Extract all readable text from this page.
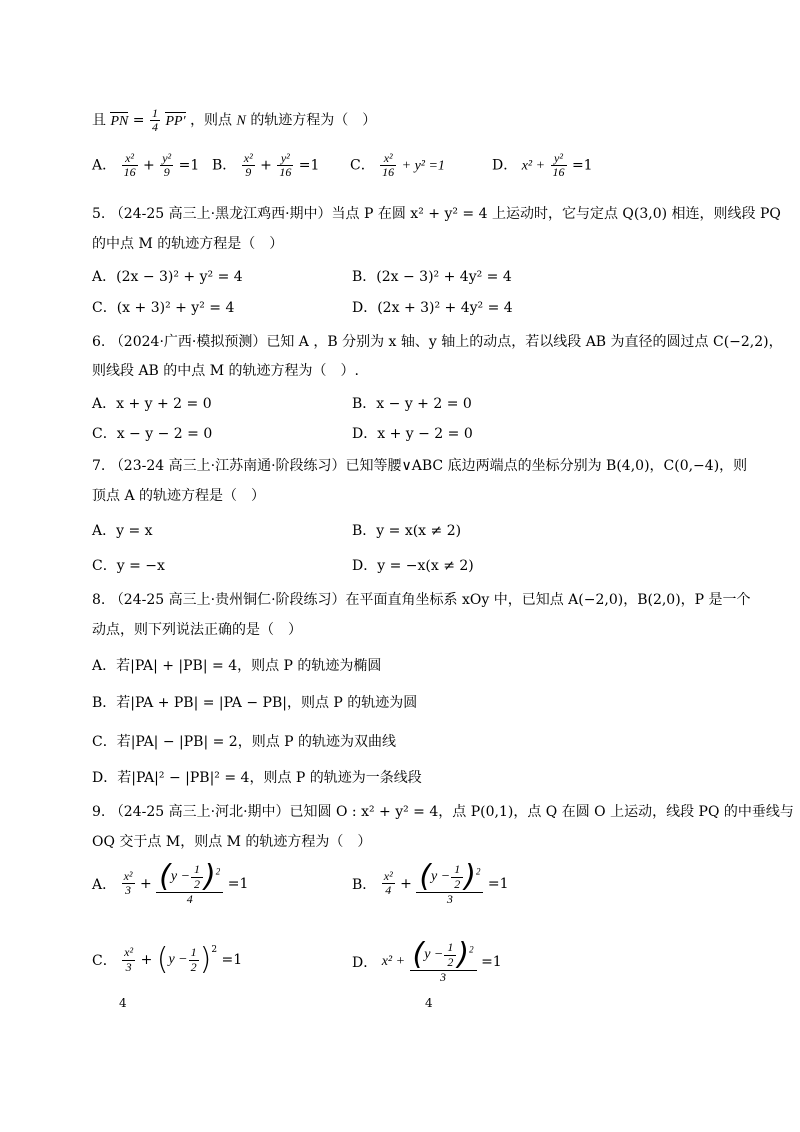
且 PN = $\frac{1}{4} PP'$ ，则点 N 的轨迹方程为（　）
A． $\frac{\text{x²}}{16} + \frac{\text{y²}}{9} =1$ B． $\frac{\text{x²}}{9} + \frac{\text{y²}}{16} =1$ C． $\frac{\text{x²}}{16} + y^2 =1$	D． $x^2 + \frac{\text{y²}}{16} =1$
5. （24-25 高三上·黑龙江鸡西·期中）当点 P 在圆 x² + y² = 4 上运动时，它与定点 Q(3,0) 相连，则线段 PQ
的中点 M 的轨迹方程是（　）
A．(2x − 3)² + y² = 4	B．(2x − 3)² + 4y² = 4
C．(x + 3)² + y² = 4	D．(2x + 3)² + 4y² = 4
6. （2024·广西·模拟预测）已知 A ，B 分别为 x 轴、y 轴上的动点，若以线段 AB 为直径的圆过点 C(−2,2)，
则线段 AB 的中点 M 的轨迹方程为（　）.
A．x + y + 2 = 0	B．x − y + 2 = 0
C．x − y − 2 = 0	D．x + y − 2 = 0
7. （23-24 高三上·江苏南通·阶段练习）已知等腰∨ABC 底边两端点的坐标分别为 B(4,0)，C(0,−4)，则
顶点 A 的轨迹方程是（　）
A．y = x	B．y = x(x ≠ 2)
C．y = −x	D．y = −x(x ≠ 2)
8. （24-25 高三上·贵州铜仁·阶段练习）在平面直角坐标系 xOy 中，已知点 A(−2,0)，B(2,0)，P 是一个
动点，则下列说法正确的是（　）
A．若|PA| + |PB| = 4，则点 P 的轨迹为椭圆
B．若|PA + PB| = |PA − PB|，则点 P 的轨迹为圆
C．若|PA| − |PB| = 2，则点 P 的轨迹为双曲线
D．若|PA|² − |PB|² = 4，则点 P 的轨迹为一条线段
9. （24-25 高三上·河北·期中）已知圆 O : x² + y² = 4，点 P(0,1)，点 Q 在圆 O 上运动，线段 PQ 的中垂线与
OQ 交于点 M，则点 M 的轨迹方程为（　）
A． $\frac{\text{x²}}{3} + \frac{(y - \frac{1}{2} )^2}{4} =1$	B． $\frac{\text{x²}}{4} + \frac{(y - \frac{1}{2} )^2}{3} =1$
C． $\frac{\text{x²}}{3} + (y - \frac{1}{2} )^2 =1$
4
D． $x^2 + \frac{(y - \frac{1}{2} )^2}{3} =1$
4
